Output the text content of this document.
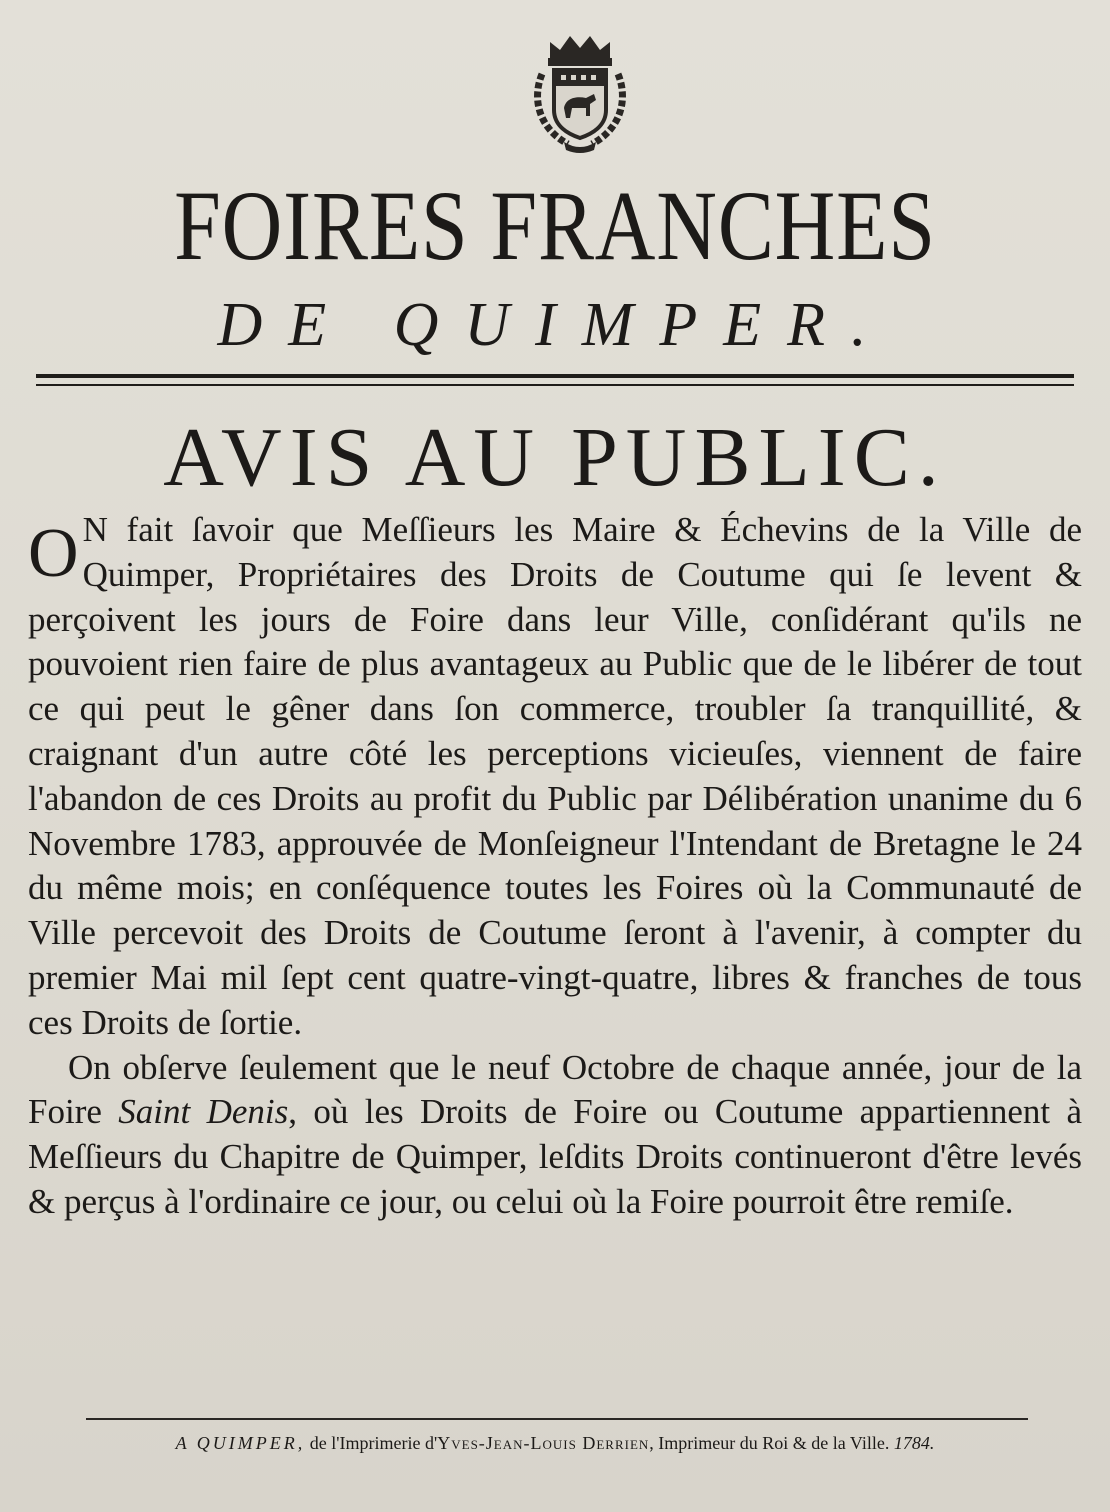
FOIRES FRANCHES
DE QUIMPER.
AVIS AU PUBLIC.

O N fait ſavoir que Meſſieurs les Maire & Échevins de la Ville de Quimper, Propriétaires des Droits de Coutume qui ſe levent & perçoivent les jours de Foire dans leur Ville, conſidérant qu'ils ne pouvoient rien faire de plus avantageux au Public que de le libérer de tout ce qui peut le gêner dans ſon commerce, troubler ſa tranquillité, & craignant d'un autre côté les perceptions vicieuſes, viennent de faire l'abandon de ces Droits au profit du Public par Délibération unanime du 6 Novembre 1783, approuvée de Monſeigneur l'Intendant de Bretagne le 24 du même mois; en conſéquence toutes les Foires où la Communauté de Ville percevoit des Droits de Coutume ſeront à l'avenir, à compter du premier Mai mil ſept cent quatre-vingt-quatre, libres & franches de tous ces Droits de ſortie.

On obſerve ſeulement que le neuf Octobre de chaque année, jour de la Foire Saint Denis, où les Droits de Foire ou Coutume appartiennent à Meſſieurs du Chapitre de Quimper, leſdits Droits continueront d'être levés & perçus à l'ordinaire ce jour, ou celui où la Foire pourroit être remiſe.

A QUIMPER, de l'Imprimerie d'Yves-Jean-Louis Derrien, Imprimeur du Roi & de la Ville. 1784.
